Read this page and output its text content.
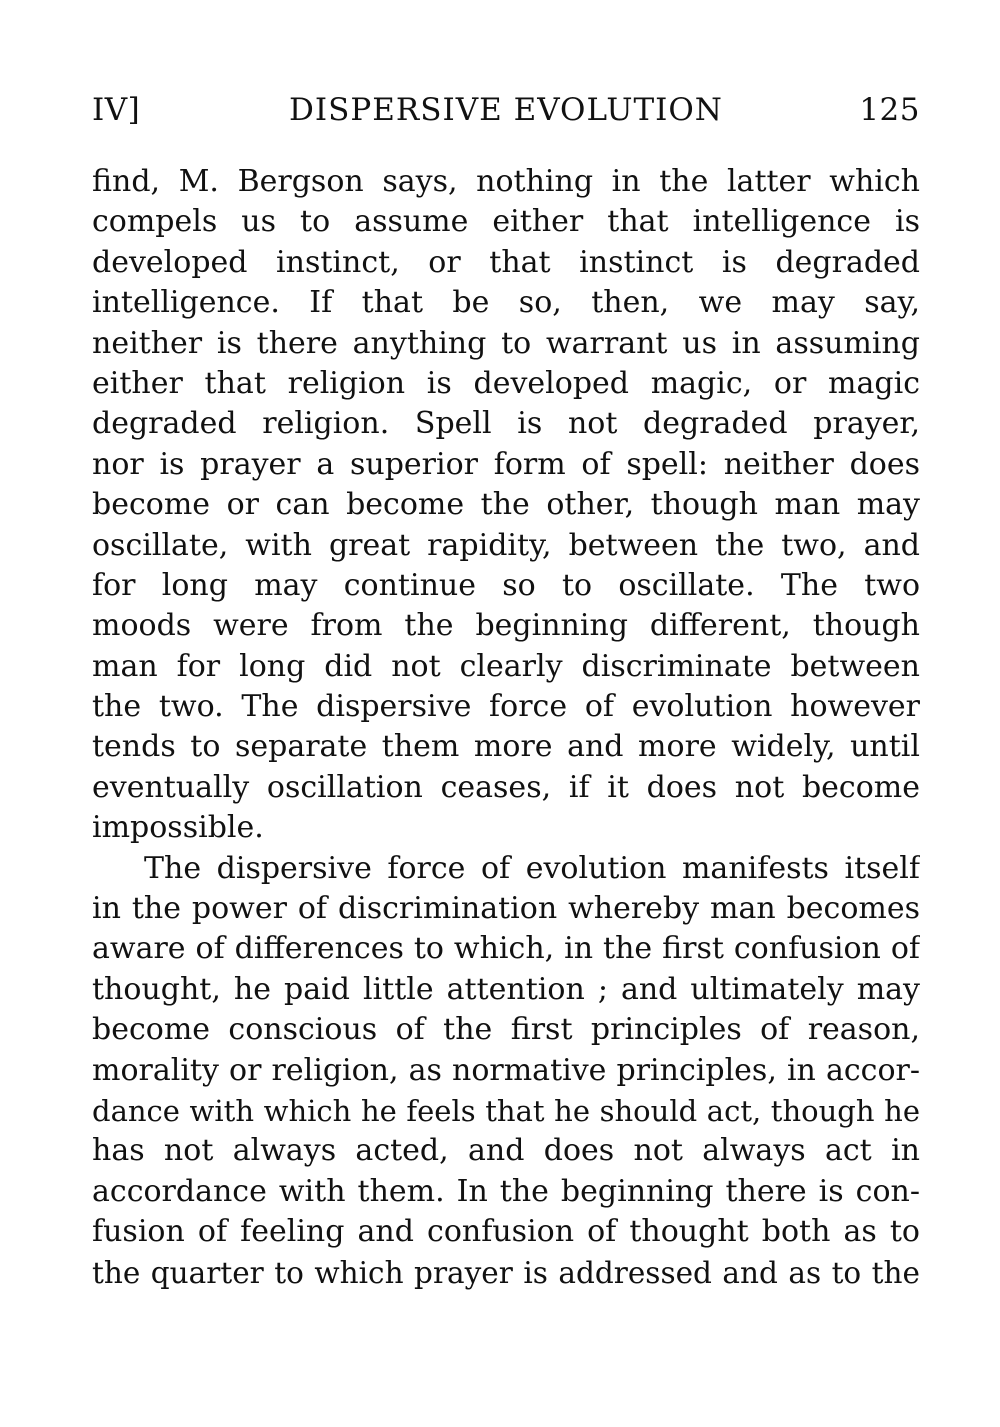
IV]	DISPERSIVE EVOLUTION	125
find, M. Bergson says, nothing in the latter which
compels us to assume either that intelligence is
developed instinct, or that instinct is degraded
intelligence. If that be so, then, we may say,
neither is there anything to warrant us in assuming
either that religion is developed magic, or magic
degraded religion. Spell is not degraded prayer,
nor is prayer a superior form of spell: neither does
become or can become the other, though man may
oscillate, with great rapidity, between the two, and
for long may continue so to oscillate. The two
moods were from the beginning different, though
man for long did not clearly discriminate between
the two. The dispersive force of evolution however
tends to separate them more and more widely, until
eventually oscillation ceases, if it does not become
impossible.
The dispersive force of evolution manifests itself
in the power of discrimination whereby man becomes
aware of differences to which, in the first confusion of
thought, he paid little attention ; and ultimately may
become conscious of the first principles of reason,
morality or religion, as normative principles, in accor-
dance with which he feels that he should act, though he
has not always acted, and does not always act in
accordance with them. In the beginning there is con-
fusion of feeling and confusion of thought both as to
the quarter to which prayer is addressed and as to the
